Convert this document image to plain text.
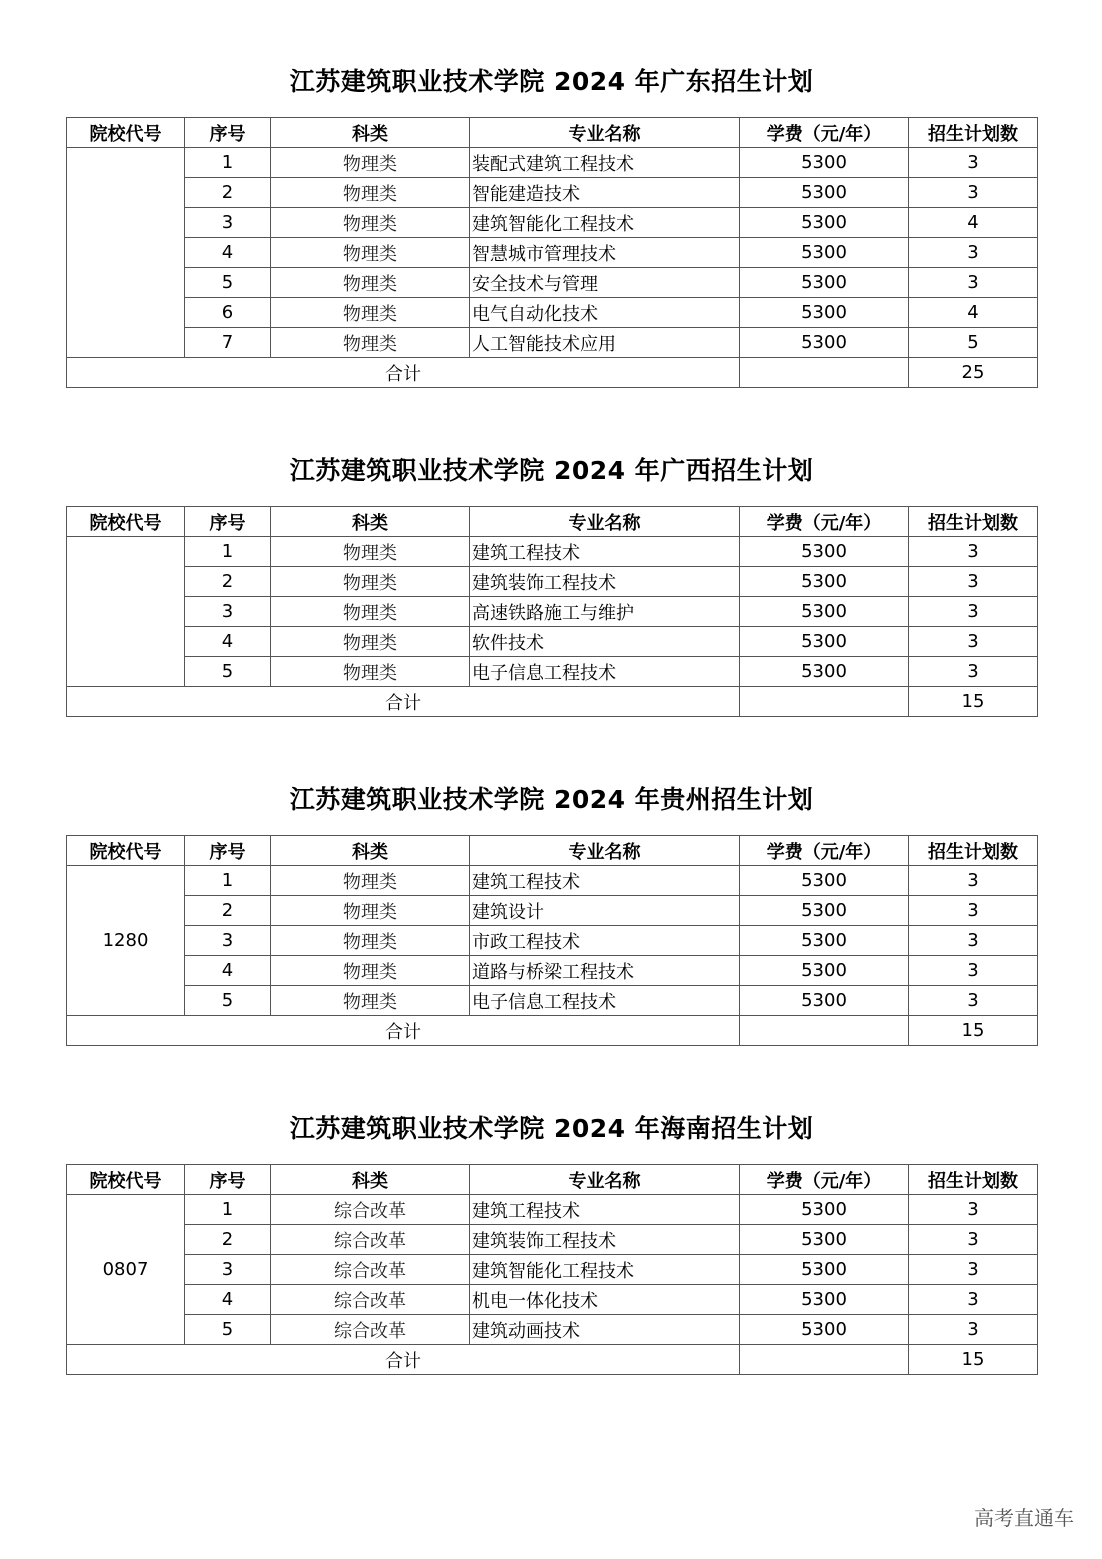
江苏建筑职业技术学院 2024 年广东招生计划
院校代号	序号	科类	专业名称	学费（元/年）	招生计划数
	1	物理类	装配式建筑工程技术	5300	3
	2	物理类	智能建造技术	5300	3
	3	物理类	建筑智能化工程技术	5300	4
	4	物理类	智慧城市管理技术	5300	3
	5	物理类	安全技术与管理	5300	3
	6	物理类	电气自动化技术	5300	4
	7	物理类	人工智能技术应用	5300	5
合计					25
江苏建筑职业技术学院 2024 年广西招生计划
院校代号	序号	科类	专业名称	学费（元/年）	招生计划数
	1	物理类	建筑工程技术	5300	3
	2	物理类	建筑装饰工程技术	5300	3
	3	物理类	高速铁路施工与维护	5300	3
	4	物理类	软件技术	5300	3
	5	物理类	电子信息工程技术	5300	3
合计					15
江苏建筑职业技术学院 2024 年贵州招生计划
院校代号	序号	科类	专业名称	学费（元/年）	招生计划数
1280	1	物理类	建筑工程技术	5300	3
	2	物理类	建筑设计	5300	3
	3	物理类	市政工程技术	5300	3
	4	物理类	道路与桥梁工程技术	5300	3
	5	物理类	电子信息工程技术	5300	3
合计					15
江苏建筑职业技术学院 2024 年海南招生计划
院校代号	序号	科类	专业名称	学费（元/年）	招生计划数
0807	1	综合改革	建筑工程技术	5300	3
	2	综合改革	建筑装饰工程技术	5300	3
	3	综合改革	建筑智能化工程技术	5300	3
	4	综合改革	机电一体化技术	5300	3
	5	综合改革	建筑动画技术	5300	3
合计					15
高考直通车
